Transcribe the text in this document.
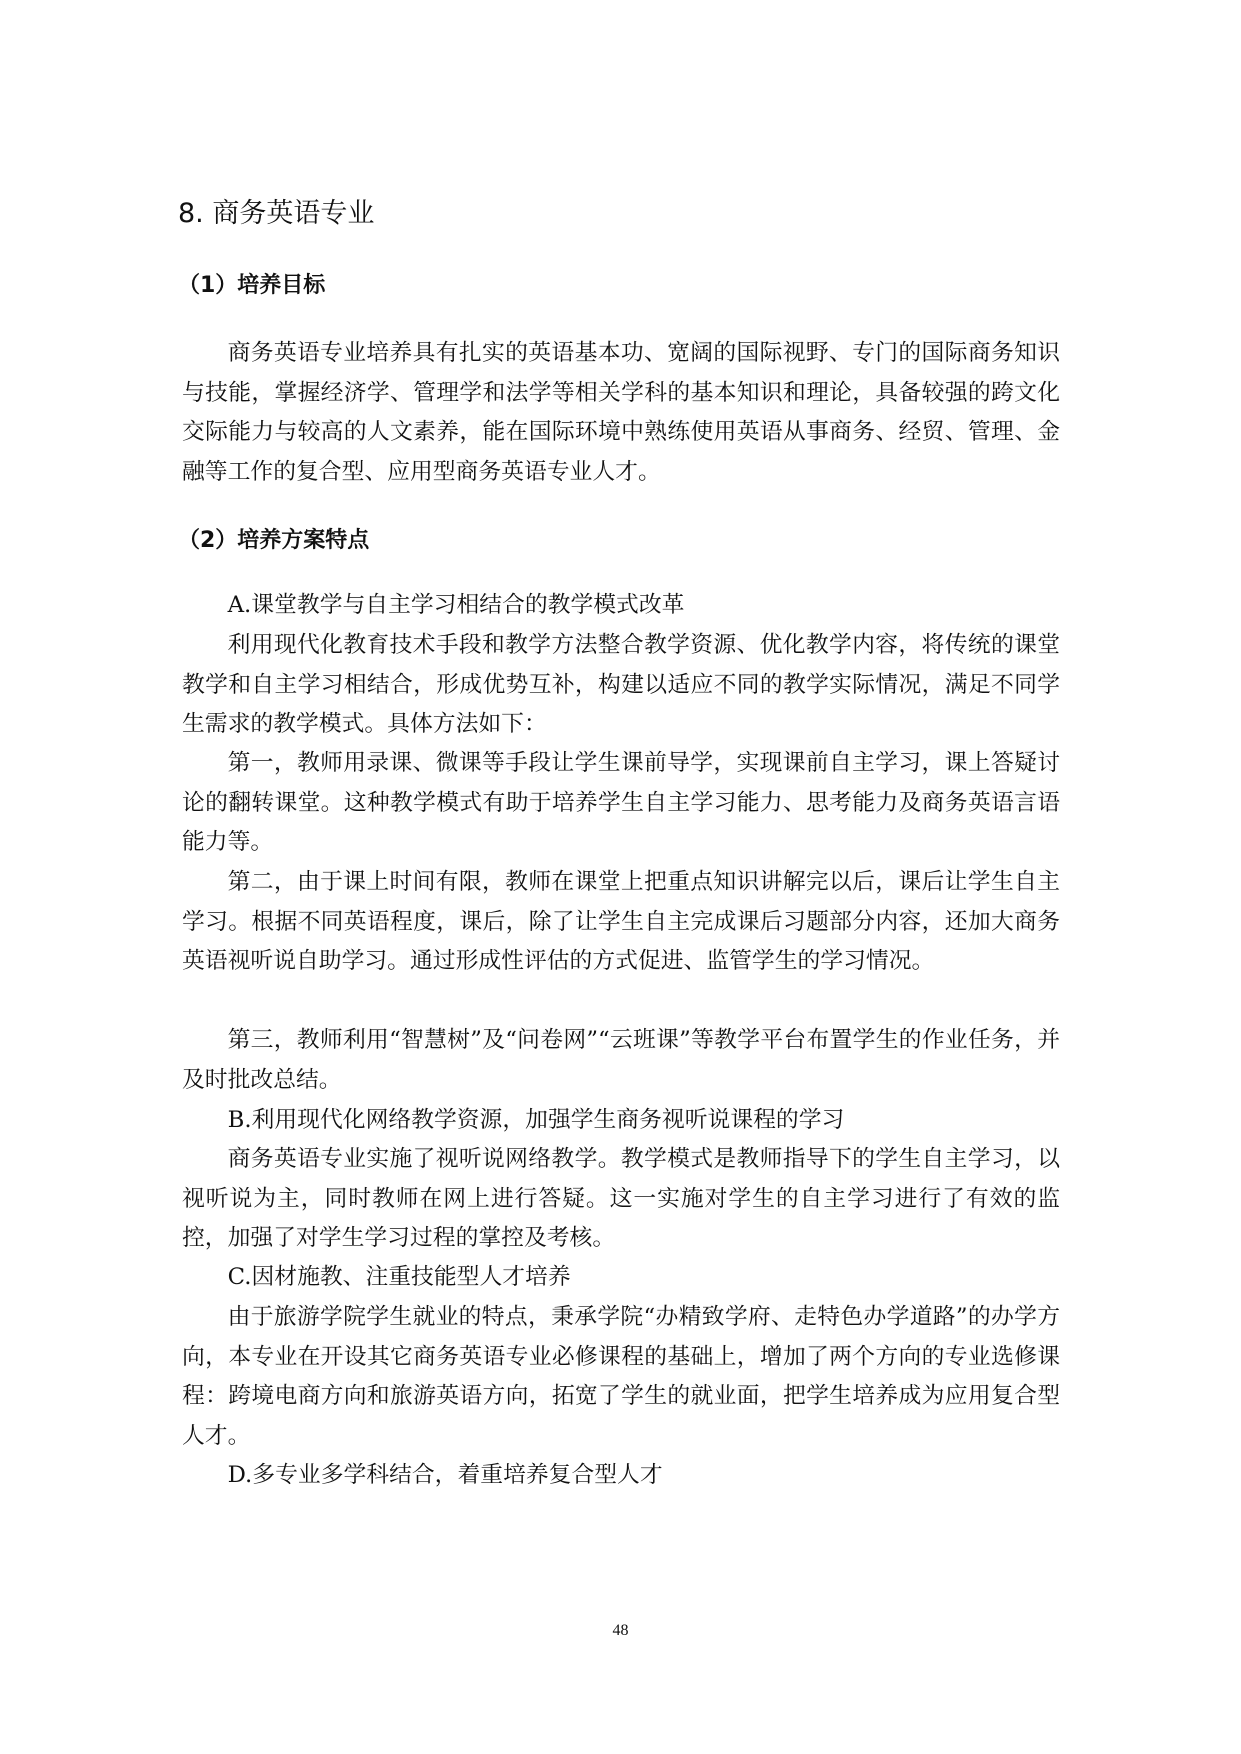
8. 商务英语专业
（1）培养目标

商务英语专业培养具有扎实的英语基本功、宽阔的国际视野、专门的国际商务知识与技能，掌握经济学、管理学和法学等相关学科的基本知识和理论，具备较强的跨文化交际能力与较高的人文素养，能在国际环境中熟练使用英语从事商务、经贸、管理、金融等工作的复合型、应用型商务英语专业人才。

（2）培养方案特点

A.课堂教学与自主学习相结合的教学模式改革

利用现代化教育技术手段和教学方法整合教学资源、优化教学内容，将传统的课堂教学和自主学习相结合，形成优势互补，构建以适应不同的教学实际情况，满足不同学生需求的教学模式。具体方法如下：

第一，教师用录课、微课等手段让学生课前导学，实现课前自主学习，课上答疑讨论的翻转课堂。这种教学模式有助于培养学生自主学习能力、思考能力及商务英语言语能力等。

第二，由于课上时间有限，教师在课堂上把重点知识讲解完以后，课后让学生自主学习。根据不同英语程度，课后，除了让学生自主完成课后习题部分内容，还加大商务英语视听说自助学习。通过形成性评估的方式促进、监管学生的学习情况。

第三，教师利用“智慧树”及“问卷网”“云班课”等教学平台布置学生的作业任务，并及时批改总结。

B.利用现代化网络教学资源，加强学生商务视听说课程的学习

商务英语专业实施了视听说网络教学。教学模式是教师指导下的学生自主学习，以视听说为主，同时教师在网上进行答疑。这一实施对学生的自主学习进行了有效的监控，加强了对学生学习过程的掌控及考核。

C.因材施教、注重技能型人才培养

由于旅游学院学生就业的特点，秉承学院“办精致学府、走特色办学道路”的办学方向，本专业在开设其它商务英语专业必修课程的基础上，增加了两个方向的专业选修课程：跨境电商方向和旅游英语方向，拓宽了学生的就业面，把学生培养成为应用复合型人才。

D.多专业多学科结合，着重培养复合型人才

48
